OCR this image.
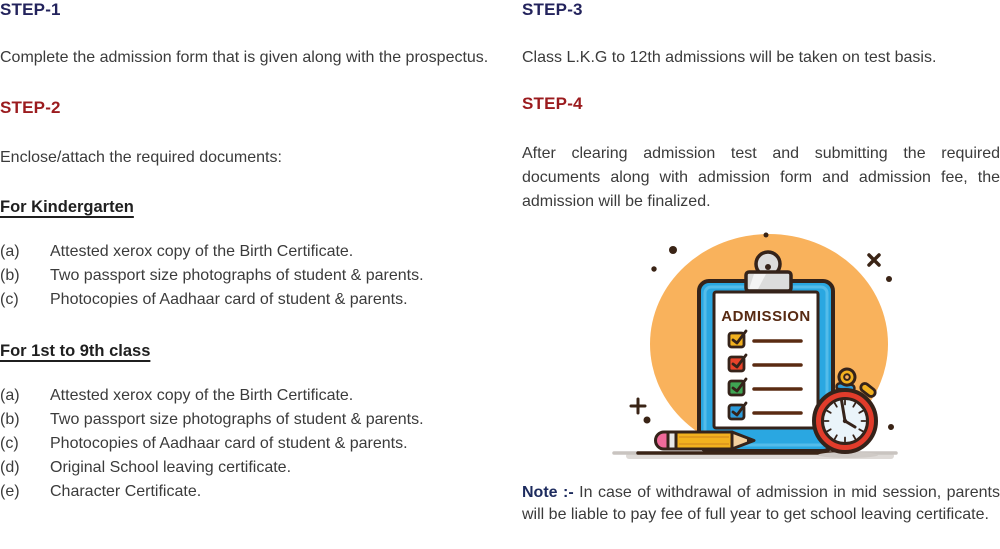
STEP-1

Complete the admission form that is given along with the prospectus.

STEP-2

Enclose/attach the required documents:

For Kindergarten
(a)	Attested xerox copy of the Birth Certificate.
(b)	Two passport size photographs of student & parents.
(c)	Photocopies of Aadhaar card of student & parents.
For 1st to 9th class
(a)	Attested xerox copy of the Birth Certificate.
(b)	Two passport size photographs of student & parents.
(c)	Photocopies of Aadhaar card of student & parents.
(d)	Original School leaving certificate.
(e)	Character Certificate.
STEP-3

Class L.K.G to 12th admissions will be taken on test basis.

STEP-4

After clearing admission test and submitting the required documents along with admission form and admission fee, the admission will be finalized.

ADMISSION

Note :- In case of withdrawal of admission in mid session, parents will be liable to pay fee of full year to get school leaving certificate.
